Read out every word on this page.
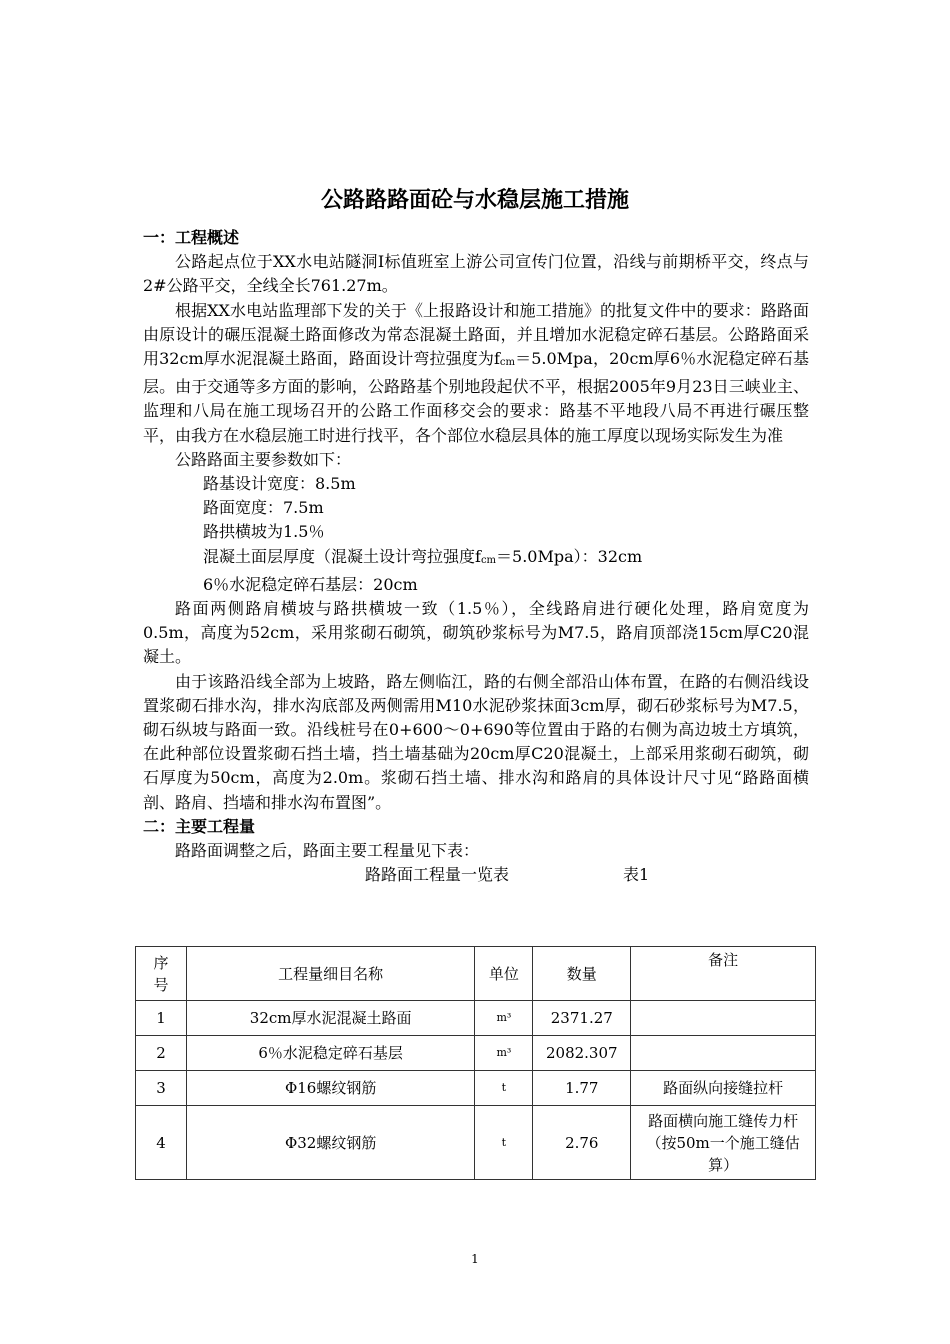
公路路路面砼与水稳层施工措施
一：工程概述
公路起点位于XX水电站隧洞Ⅰ标值班室上游公司宣传门位置，沿线与前期桥平交，终点与2#公路平交，全线全长761.27m。
根据XX水电站监理部下发的关于《上报路设计和施工措施》的批复文件中的要求：路路面由原设计的碾压混凝土路面修改为常态混凝土路面，并且增加水泥稳定碎石基层。公路路面采用32cm厚水泥混凝土路面，路面设计弯拉强度为fcm＝5.0Mpa，20cm厚6％水泥稳定碎石基层。由于交通等多方面的影响，公路路基个别地段起伏不平，根据2005年9月23日三峡业主、监理和八局在施工现场召开的公路工作面移交会的要求：路基不平地段八局不再进行碾压整平，由我方在水稳层施工时进行找平，各个部位水稳层具体的施工厚度以现场实际发生为准
公路路面主要参数如下：
路基设计宽度：8.5m
路面宽度：7.5m
路拱横坡为1.5％
混凝土面层厚度（混凝土设计弯拉强度fcm＝5.0Mpa）：32cm
6％水泥稳定碎石基层：20cm
路面两侧路肩横坡与路拱横坡一致（1.5％），全线路肩进行硬化处理，路肩宽度为0.5m，高度为52cm，采用浆砌石砌筑，砌筑砂浆标号为M7.5，路肩顶部浇15cm厚C20混凝土。
由于该路沿线全部为上坡路，路左侧临江，路的右侧全部沿山体布置，在路的右侧沿线设置浆砌石排水沟，排水沟底部及两侧需用M10水泥砂浆抹面3cm厚，砌石砂浆标号为M7.5，砌石纵坡与路面一致。沿线桩号在0+600～0+690等位置由于路的右侧为高边坡土方填筑，在此种部位设置浆砌石挡土墙，挡土墙基础为20cm厚C20混凝土，上部采用浆砌石砌筑，砌石厚度为50cm，高度为2.0m。浆砌石挡土墙、排水沟和路肩的具体设计尺寸见“路路面横剖、路肩、挡墙和排水沟布置图”。
二：主要工程量
路路面调整之后，路面主要工程量见下表：
路路面工程量一览表	表1
序号	工程量细目名称	单位	数量	备注
1	32cm厚水泥混凝土路面	m³	2371.27	
2	6％水泥稳定碎石基层	m³	2082.307	
3	Φ16螺纹钢筋	t	1.77	路面纵向接缝拉杆
4	Φ32螺纹钢筋	t	2.76	路面横向施工缝传力杆（按50m一个施工缝估算）
1
